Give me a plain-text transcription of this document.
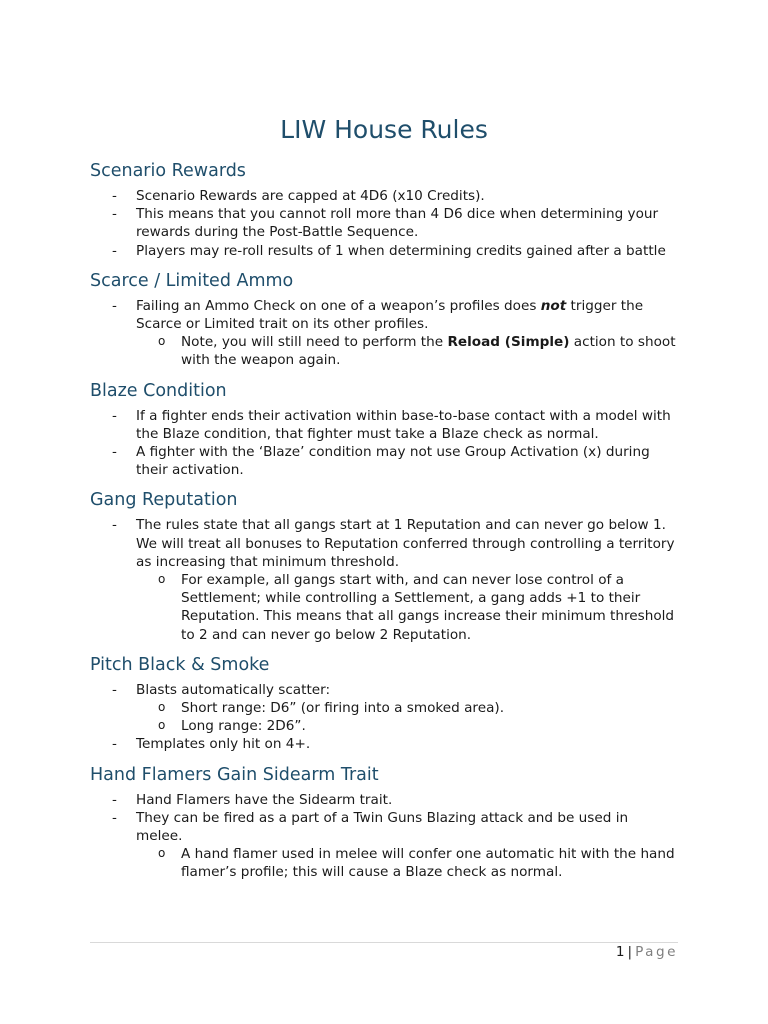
LIW House Rules
Scenario Rewards
- Scenario Rewards are capped at 4D6 (x10 Credits).
- This means that you cannot roll more than 4 D6 dice when determining your rewards during the Post-Battle Sequence.
- Players may re-roll results of 1 when determining credits gained after a battle
Scarce / Limited Ammo
- Failing an Ammo Check on one of a weapon’s profiles does not trigger the Scarce or Limited trait on its other profiles.
o Note, you will still need to perform the Reload (Simple) action to shoot with the weapon again.
Blaze Condition
- If a fighter ends their activation within base-to-base contact with a model with the Blaze condition, that fighter must take a Blaze check as normal.
- A fighter with the ‘Blaze’ condition may not use Group Activation (x) during their activation.
Gang Reputation
- The rules state that all gangs start at 1 Reputation and can never go below 1. We will treat all bonuses to Reputation conferred through controlling a territory as increasing that minimum threshold.
o For example, all gangs start with, and can never lose control of a Settlement; while controlling a Settlement, a gang adds +1 to their Reputation. This means that all gangs increase their minimum threshold to 2 and can never go below 2 Reputation.
Pitch Black & Smoke
- Blasts automatically scatter:
o Short range: D6” (or firing into a smoked area).
o Long range: 2D6”.
- Templates only hit on 4+.
Hand Flamers Gain Sidearm Trait
- Hand Flamers have the Sidearm trait.
- They can be fired as a part of a Twin Guns Blazing attack and be used in melee.
o A hand flamer used in melee will confer one automatic hit with the hand flamer’s profile; this will cause a Blaze check as normal.
1 | Page
